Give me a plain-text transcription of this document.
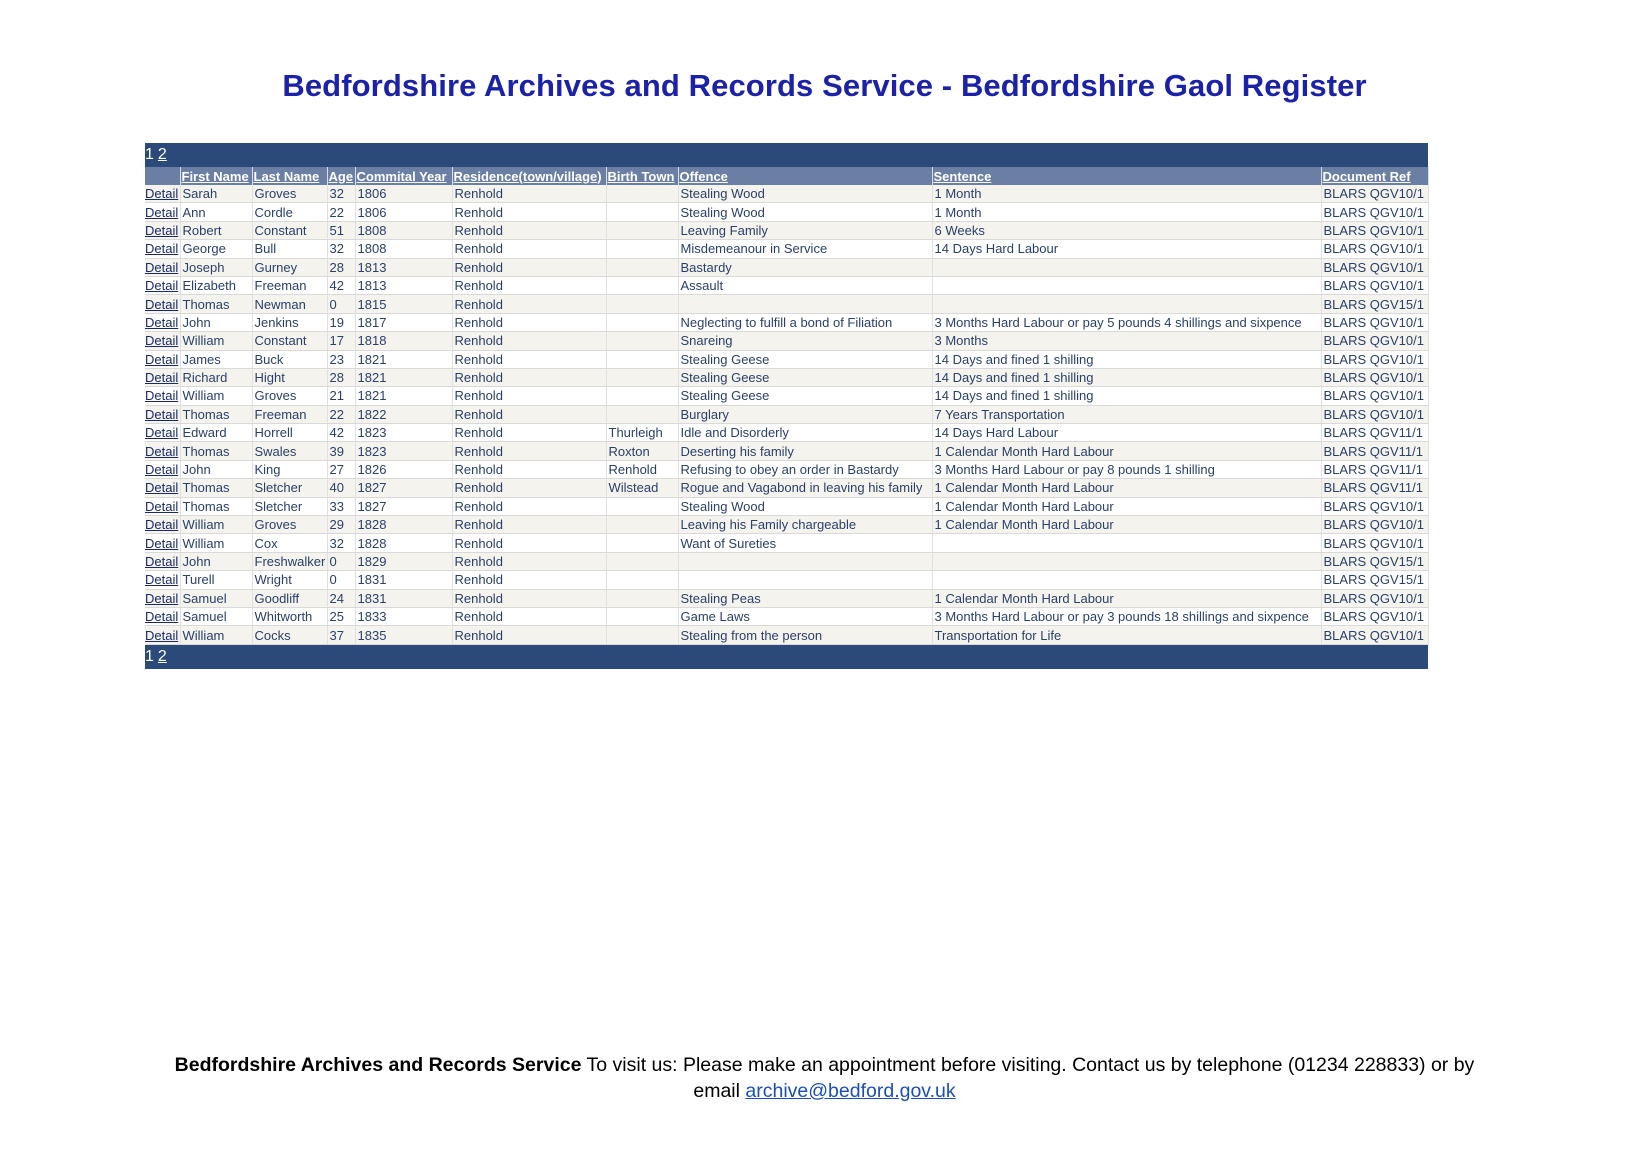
Bedfordshire Archives and Records Service - Bedfordshire Gaol Register
1 2
	First Name	Last Name	Age	Commital Year	Residence(town/village)	Birth Town	Offence	Sentence	Document Ref
Detail	Sarah	Groves	32	1806	Renhold		Stealing Wood	1 Month	BLARS QGV10/1
Detail	Ann	Cordle	22	1806	Renhold		Stealing Wood	1 Month	BLARS QGV10/1
Detail	Robert	Constant	51	1808	Renhold		Leaving Family	6 Weeks	BLARS QGV10/1
Detail	George	Bull	32	1808	Renhold		Misdemeanour in Service	14 Days Hard Labour	BLARS QGV10/1
Detail	Joseph	Gurney	28	1813	Renhold		Bastardy		BLARS QGV10/1
Detail	Elizabeth	Freeman	42	1813	Renhold		Assault		BLARS QGV10/1
Detail	Thomas	Newman	0	1815	Renhold				BLARS QGV15/1
Detail	John	Jenkins	19	1817	Renhold		Neglecting to fulfill a bond of Filiation	3 Months Hard Labour or pay 5 pounds 4 shillings and sixpence	BLARS QGV10/1
Detail	William	Constant	17	1818	Renhold		Snareing	3 Months	BLARS QGV10/1
Detail	James	Buck	23	1821	Renhold		Stealing Geese	14 Days and fined 1 shilling	BLARS QGV10/1
Detail	Richard	Hight	28	1821	Renhold		Stealing Geese	14 Days and fined 1 shilling	BLARS QGV10/1
Detail	William	Groves	21	1821	Renhold		Stealing Geese	14 Days and fined 1 shilling	BLARS QGV10/1
Detail	Thomas	Freeman	22	1822	Renhold		Burglary	7 Years Transportation	BLARS QGV10/1
Detail	Edward	Horrell	42	1823	Renhold	Thurleigh	Idle and Disorderly	14 Days Hard Labour	BLARS QGV11/1
Detail	Thomas	Swales	39	1823	Renhold	Roxton	Deserting his family	1 Calendar Month Hard Labour	BLARS QGV11/1
Detail	John	King	27	1826	Renhold	Renhold	Refusing to obey an order in Bastardy	3 Months Hard Labour or pay 8 pounds 1 shilling	BLARS QGV11/1
Detail	Thomas	Sletcher	40	1827	Renhold	Wilstead	Rogue and Vagabond in leaving his family	1 Calendar Month Hard Labour	BLARS QGV11/1
Detail	Thomas	Sletcher	33	1827	Renhold		Stealing Wood	1 Calendar Month Hard Labour	BLARS QGV10/1
Detail	William	Groves	29	1828	Renhold		Leaving his Family chargeable	1 Calendar Month Hard Labour	BLARS QGV10/1
Detail	William	Cox	32	1828	Renhold		Want of Sureties		BLARS QGV10/1
Detail	John	Freshwalker	0	1829	Renhold				BLARS QGV15/1
Detail	Turell	Wright	0	1831	Renhold				BLARS QGV15/1
Detail	Samuel	Goodliff	24	1831	Renhold		Stealing Peas	1 Calendar Month Hard Labour	BLARS QGV10/1
Detail	Samuel	Whitworth	25	1833	Renhold		Game Laws	3 Months Hard Labour or pay 3 pounds 18 shillings and sixpence	BLARS QGV10/1
Detail	William	Cocks	37	1835	Renhold		Stealing from the person	Transportation for Life	BLARS QGV10/1
1 2
Bedfordshire Archives and Records Service To visit us: Please make an appointment before visiting. Contact us by telephone (01234 228833) or by email archive@bedford.gov.uk
